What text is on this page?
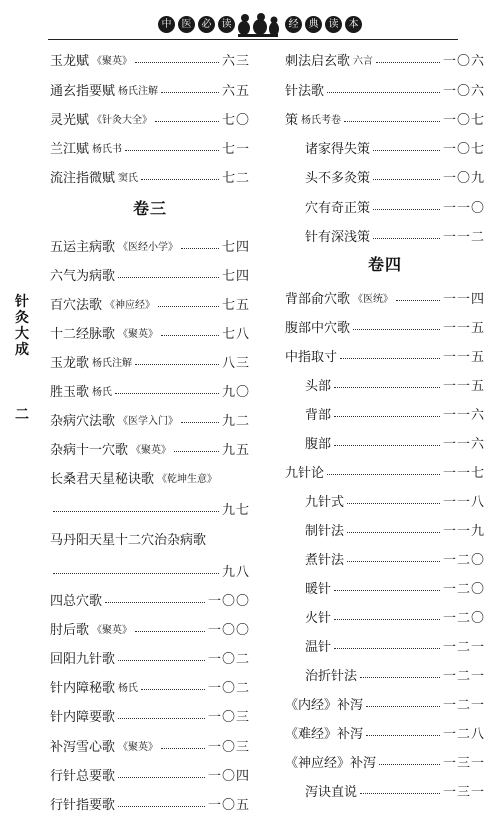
中	医	必	读	经	典	读	本
针
灸
大
成
二
玉龙赋 《聚英》	六三
通玄指要赋 杨氏注解	六五
灵光赋 《针灸大全》	七〇
兰江赋 杨氏书	七一
流注指微赋 窦氏	七二
卷三
五运主病歌 《医经小学》	七四
六气为病歌	七四
百穴法歌 《神应经》	七五
十二经脉歌 《聚英》	七八
玉龙歌 杨氏注解	八三
胜玉歌 杨氏	九〇
杂病穴法歌 《医学入门》	九二
杂病十一穴歌 《聚英》	九五
长桑君天星秘诀歌 《乾坤生意》
九七
马丹阳天星十二穴治杂病歌
九八
四总穴歌	一〇〇
肘后歌 《聚英》	一〇〇
回阳九针歌	一〇二
针内障秘歌 杨氏	一〇二
针内障要歌	一〇三
补泻雪心歌 《聚英》	一〇三
行针总要歌	一〇四
行针指要歌	一〇五
刺法启玄歌 六言	一〇六
针法歌	一〇六
策 杨氏考卷	一〇七
诸家得失策	一〇七
头不多灸策	一〇九
穴有奇正策	一一〇
针有深浅策	一一二
卷四
背部俞穴歌 《医统》	一一四
腹部中穴歌	一一五
中指取寸	一一五
头部	一一五
背部	一一六
腹部	一一六
九针论	一一七
九针式	一一八
制针法	一一九
煮针法	一二〇
暖针	一二〇
火针	一二〇
温针	一二一
治折针法	一二一
《内经》补泻	一二一
《难经》补泻	一二八
《神应经》补泻	一三一
泻诀直说	一三一
